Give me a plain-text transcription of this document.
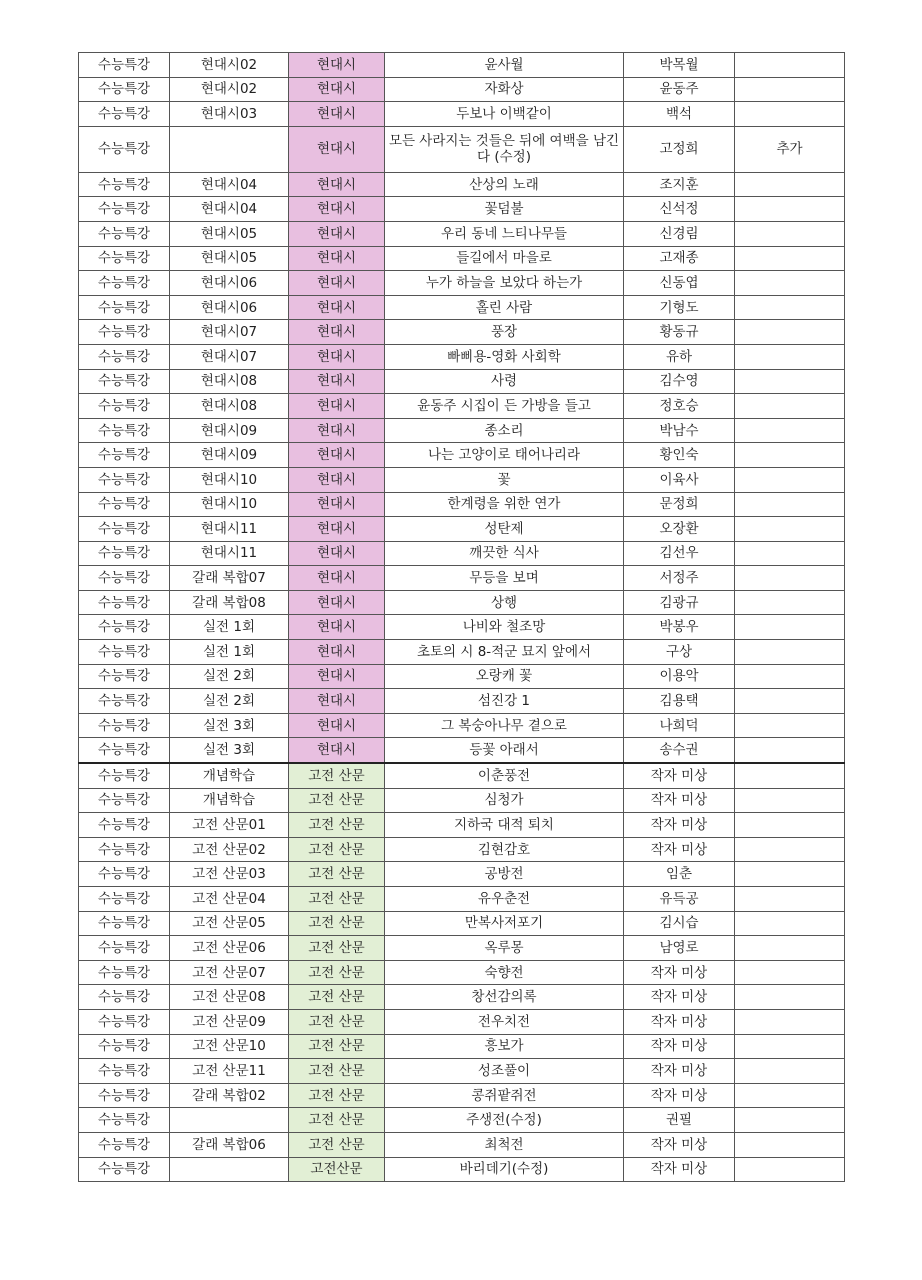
수능특강	현대시02	현대시	윤사월	박목월	
수능특강	현대시02	현대시	자화상	윤동주	
수능특강	현대시03	현대시	두보나 이백같이	백석	
수능특강		현대시	모든 사라지는 것들은 뒤에 여백을 남긴다 (수정)	고정희	추가
수능특강	현대시04	현대시	산상의 노래	조지훈	
수능특강	현대시04	현대시	꽃덤불	신석정	
수능특강	현대시05	현대시	우리 동네 느티나무들	신경림	
수능특강	현대시05	현대시	들길에서 마을로	고재종	
수능특강	현대시06	현대시	누가 하늘을 보았다 하는가	신동엽	
수능특강	현대시06	현대시	홀린 사람	기형도	
수능특강	현대시07	현대시	풍장	황동규	
수능특강	현대시07	현대시	빠삐용-영화 사회학	유하	
수능특강	현대시08	현대시	사령	김수영	
수능특강	현대시08	현대시	윤동주 시집이 든 가방을 들고	정호승	
수능특강	현대시09	현대시	종소리	박남수	
수능특강	현대시09	현대시	나는 고양이로 태어나리라	황인숙	
수능특강	현대시10	현대시	꽃	이육사	
수능특강	현대시10	현대시	한계령을 위한 연가	문정희	
수능특강	현대시11	현대시	성탄제	오장환	
수능특강	현대시11	현대시	깨끗한 식사	김선우	
수능특강	갈래 복합07	현대시	무등을 보며	서정주	
수능특강	갈래 복합08	현대시	상행	김광규	
수능특강	실전 1회	현대시	나비와 철조망	박봉우	
수능특강	실전 1회	현대시	초토의 시 8-적군 묘지 앞에서	구상	
수능특강	실전 2회	현대시	오랑캐 꽃	이용악	
수능특강	실전 2회	현대시	섬진강 1	김용택	
수능특강	실전 3회	현대시	그 복숭아나무 곁으로	나희덕	
수능특강	실전 3회	현대시	등꽃 아래서	송수권	
수능특강	개념학습	고전 산문	이춘풍전	작자 미상	
수능특강	개념학습	고전 산문	심청가	작자 미상	
수능특강	고전 산문01	고전 산문	지하국 대적 퇴치	작자 미상	
수능특강	고전 산문02	고전 산문	김현감호	작자 미상	
수능특강	고전 산문03	고전 산문	공방전	임춘	
수능특강	고전 산문04	고전 산문	유우춘전	유득공	
수능특강	고전 산문05	고전 산문	만복사저포기	김시습	
수능특강	고전 산문06	고전 산문	옥루몽	남영로	
수능특강	고전 산문07	고전 산문	숙향전	작자 미상	
수능특강	고전 산문08	고전 산문	창선감의록	작자 미상	
수능특강	고전 산문09	고전 산문	전우치전	작자 미상	
수능특강	고전 산문10	고전 산문	흥보가	작자 미상	
수능특강	고전 산문11	고전 산문	성조풀이	작자 미상	
수능특강	갈래 복합02	고전 산문	콩쥐팥쥐전	작자 미상	
수능특강		고전 산문	주생전(수정)	권필	
수능특강	갈래 복합06	고전 산문	최척전	작자 미상	
수능특강		고전산문	바리데기(수정)	작자 미상	
